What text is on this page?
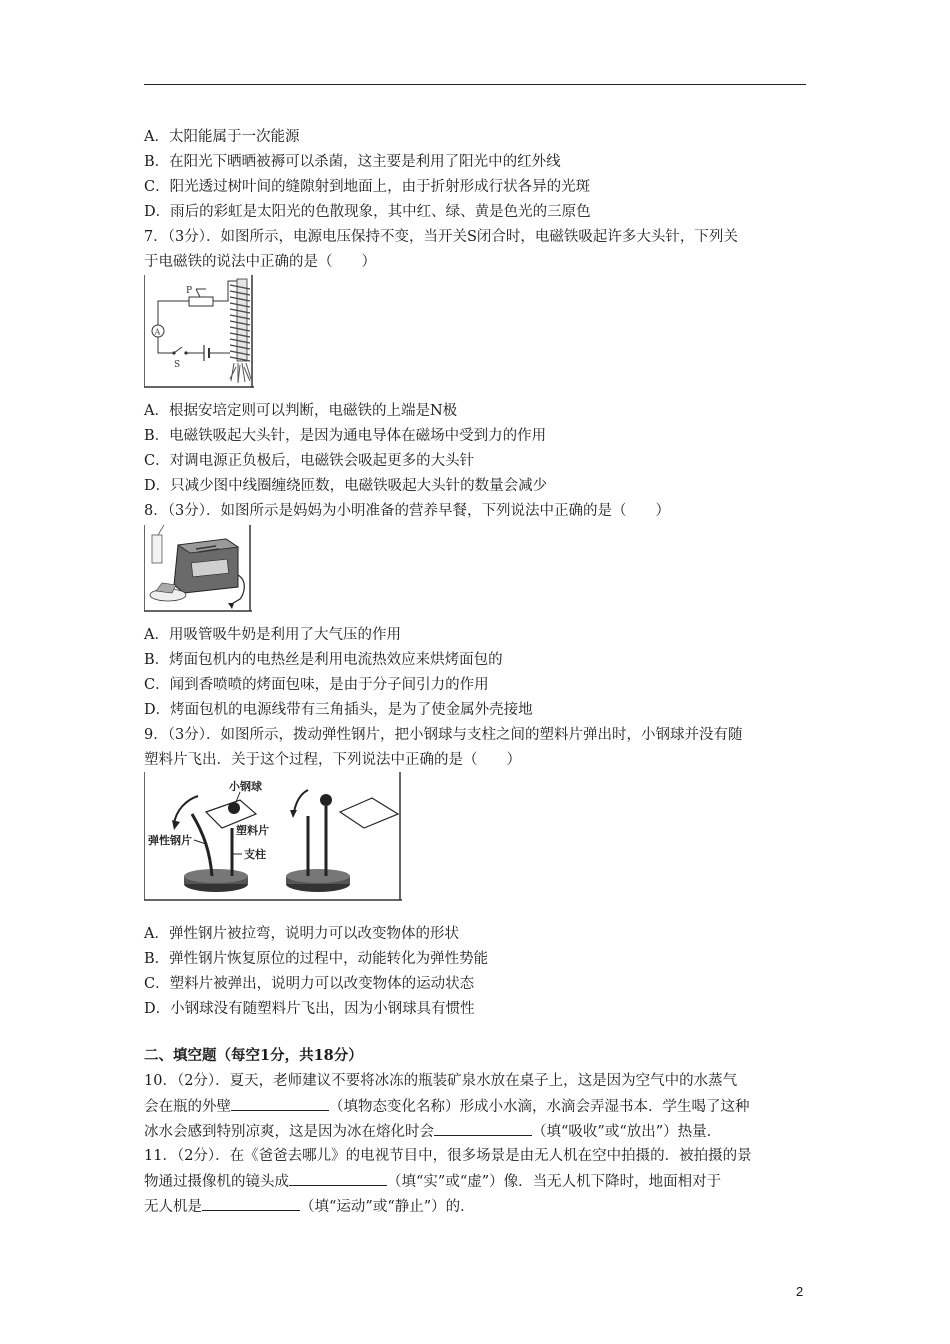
A．太阳能属于一次能源
B．在阳光下晒晒被褥可以杀菌，这主要是利用了阳光中的红外线
C．阳光透过树叶间的缝隙射到地面上，由于折射形成行状各异的光斑
D．雨后的彩虹是太阳光的色散现象，其中红、绿、黄是色光的三原色
7．（3分）．如图所示，电源电压保持不变，当开关S闭合时，电磁铁吸起许多大头针，下列关
于电磁铁的说法中正确的是（　　）
P
A
S
A．根据安培定则可以判断，电磁铁的上端是N极
B．电磁铁吸起大头针，是因为通电导体在磁场中受到力的作用
C．对调电源正负极后，电磁铁会吸起更多的大头针
D．只减少图中线圈缠绕匝数，电磁铁吸起大头针的数量会减少
8．（3分）．如图所示是妈妈为小明准备的营养早餐，下列说法中正确的是（　　）
A．用吸管吸牛奶是利用了大气压的作用
B．烤面包机内的电热丝是利用电流热效应来烘烤面包的
C．闻到香喷喷的烤面包味，是由于分子间引力的作用
D．烤面包机的电源线带有三角插头，是为了使金属外壳接地
9．（3分）．如图所示，拨动弹性钢片，把小钢球与支柱之间的塑料片弹出时，小钢球并没有随
塑料片飞出．关于这个过程，下列说法中正确的是（　　）
小钢球
塑料片
弹性钢片
支柱
A．弹性钢片被拉弯，说明力可以改变物体的形状
B．弹性钢片恢复原位的过程中，动能转化为弹性势能
C．塑料片被弹出，说明力可以改变物体的运动状态
D．小钢球没有随塑料片飞出，因为小钢球具有惯性
二、填空题（每空1分，共18分）
10．（2分）．夏天，老师建议不要将冰冻的瓶装矿泉水放在桌子上，这是因为空气中的水蒸气
会在瓶的外壁	（填物态变化名称）形成小水滴，水滴会弄湿书本．学生喝了这种
冰水会感到特别凉爽，这是因为冰在熔化时会	（填“吸收”或“放出”）热量．
11．（2分）．在《爸爸去哪儿》的电视节目中，很多场景是由无人机在空中拍摄的．被拍摄的景
物通过摄像机的镜头成	（填“实”或“虚”）像．当无人机下降时，地面相对于
无人机是	（填“运动”或“静止”）的．
2
